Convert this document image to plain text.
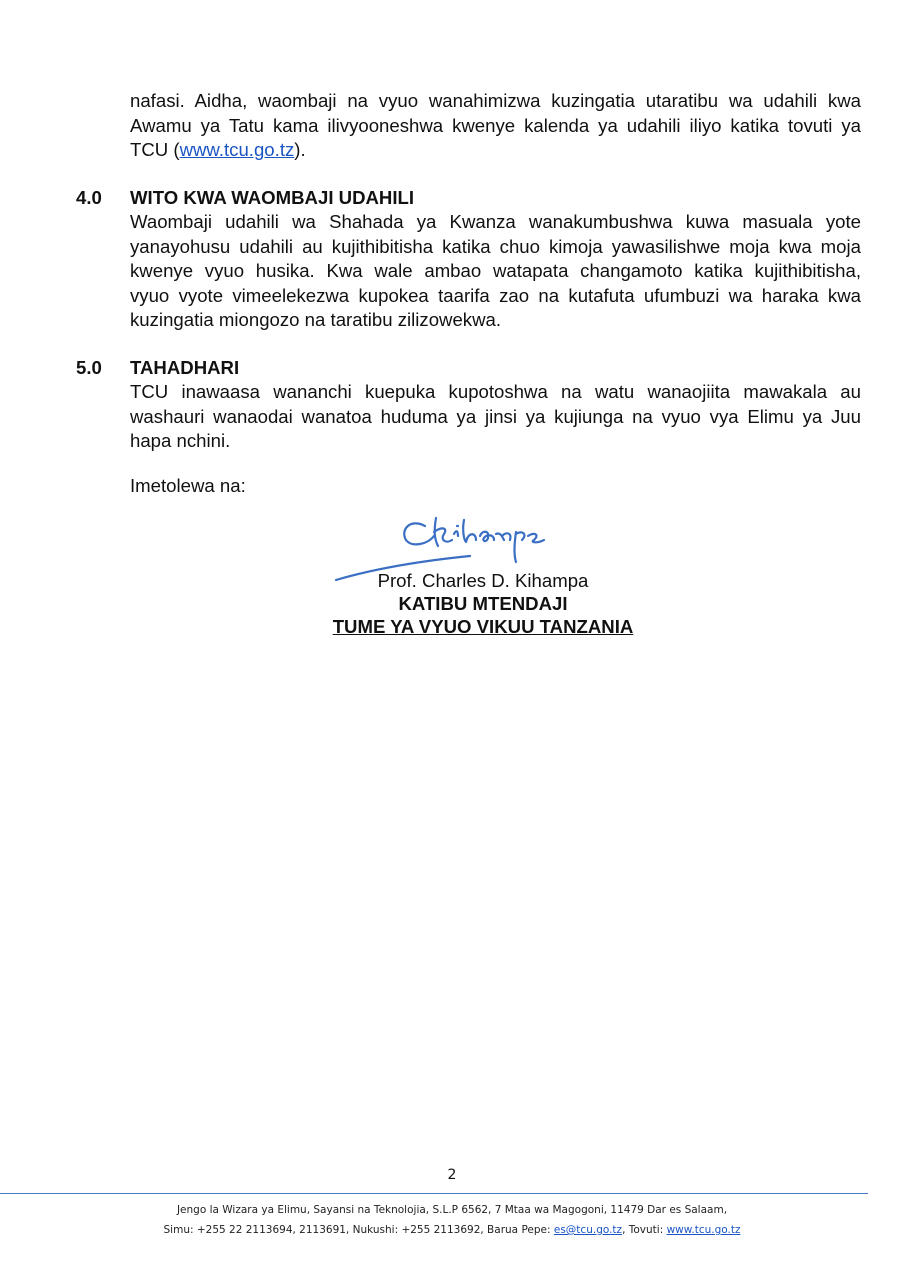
nafasi. Aidha, waombaji na vyuo wanahimizwa kuzingatia utaratibu wa udahili kwa
Awamu ya Tatu kama ilivyooneshwa kwenye kalenda ya udahili iliyo katika tovuti ya
TCU (www.tcu.go.tz).
4.0 WITO KWA WAOMBAJI UDAHILI
Waombaji udahili wa Shahada ya Kwanza wanakumbushwa kuwa masuala yote
yanayohusu udahili au kujithibitisha katika chuo kimoja yawasilishwe moja kwa moja
kwenye vyuo husika. Kwa wale ambao watapata changamoto katika kujithibitisha,
vyuo vyote vimeelekezwa kupokea taarifa zao na kutafuta ufumbuzi wa haraka kwa
kuzingatia miongozo na taratibu zilizowekwa.
5.0 TAHADHARI
TCU inawaasa wananchi kuepuka kupotoshwa na watu wanaojiita mawakala au
washauri wanaodai wanatoa huduma ya jinsi ya kujiunga na vyuo vya Elimu ya Juu
hapa nchini.
Imetolewa na:
Prof. Charles D. Kihampa
KATIBU MTENDAJI
TUME YA VYUO VIKUU TANZANIA
2
Jengo la Wizara ya Elimu, Sayansi na Teknolojia, S.L.P 6562, 7 Mtaa wa Magogoni, 11479 Dar es Salaam,
Simu: +255 22 2113694, 2113691, Nukushi: +255 2113692, Barua Pepe: es@tcu.go.tz, Tovuti: www.tcu.go.tz
